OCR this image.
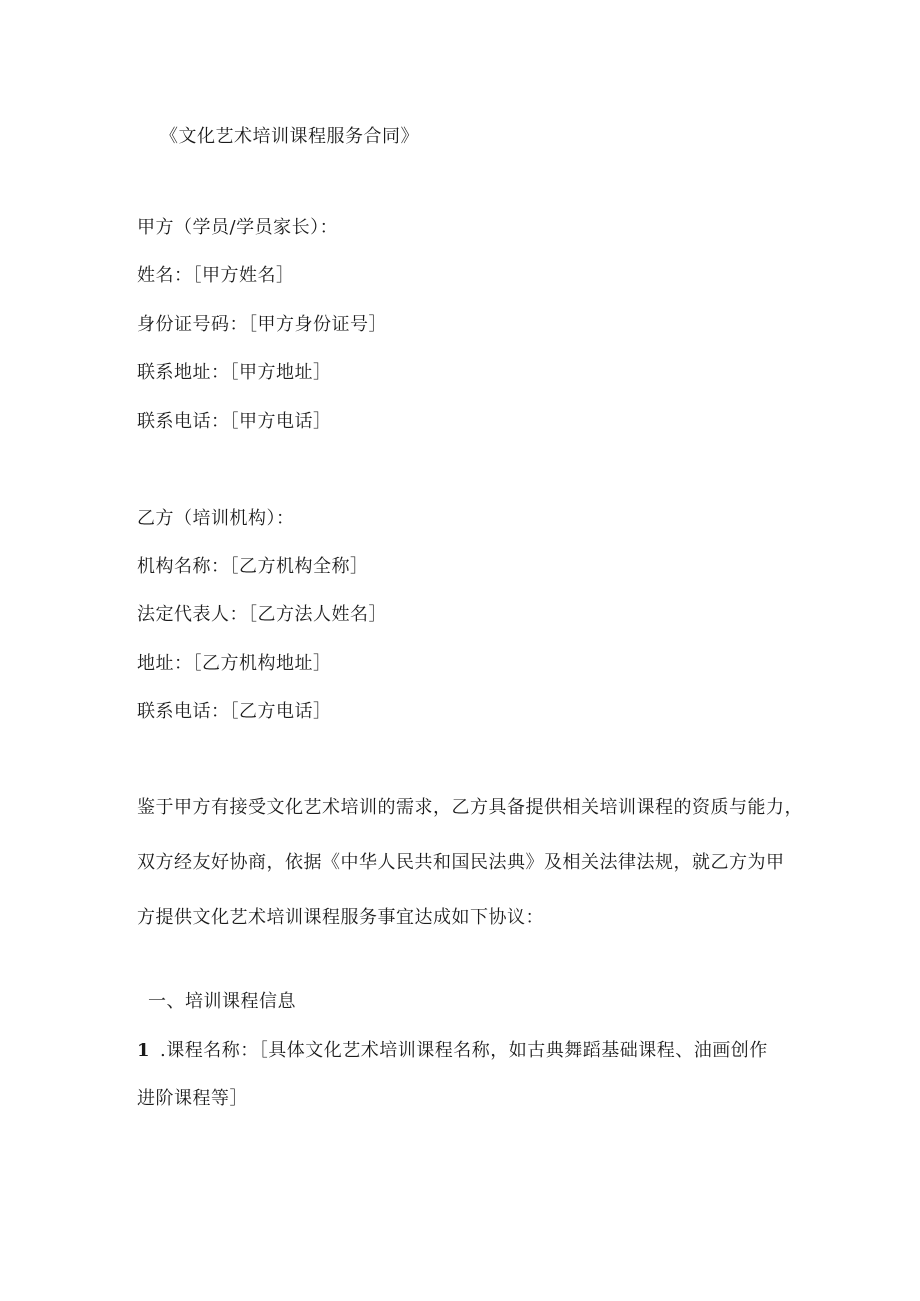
《文化艺术培训课程服务合同》
甲方（学员/学员家长）：
姓名：［甲方姓名］
身份证号码：［甲方身份证号］
联系地址：［甲方地址］
联系电话：［甲方电话］
乙方（培训机构）：
机构名称：［乙方机构全称］
法定代表人：［乙方法人姓名］
地址：［乙方机构地址］
联系电话：［乙方电话］
鉴于甲方有接受文化艺术培训的需求，乙方具备提供相关培训课程的资质与能力，
双方经友好协商，依据《中华人民共和国民法典》及相关法律法规，就乙方为甲
方提供文化艺术培训课程服务事宜达成如下协议：
一、培训课程信息
1 .课程名称：［具体文化艺术培训课程名称，如古典舞蹈基础课程、油画创作
进阶课程等］
